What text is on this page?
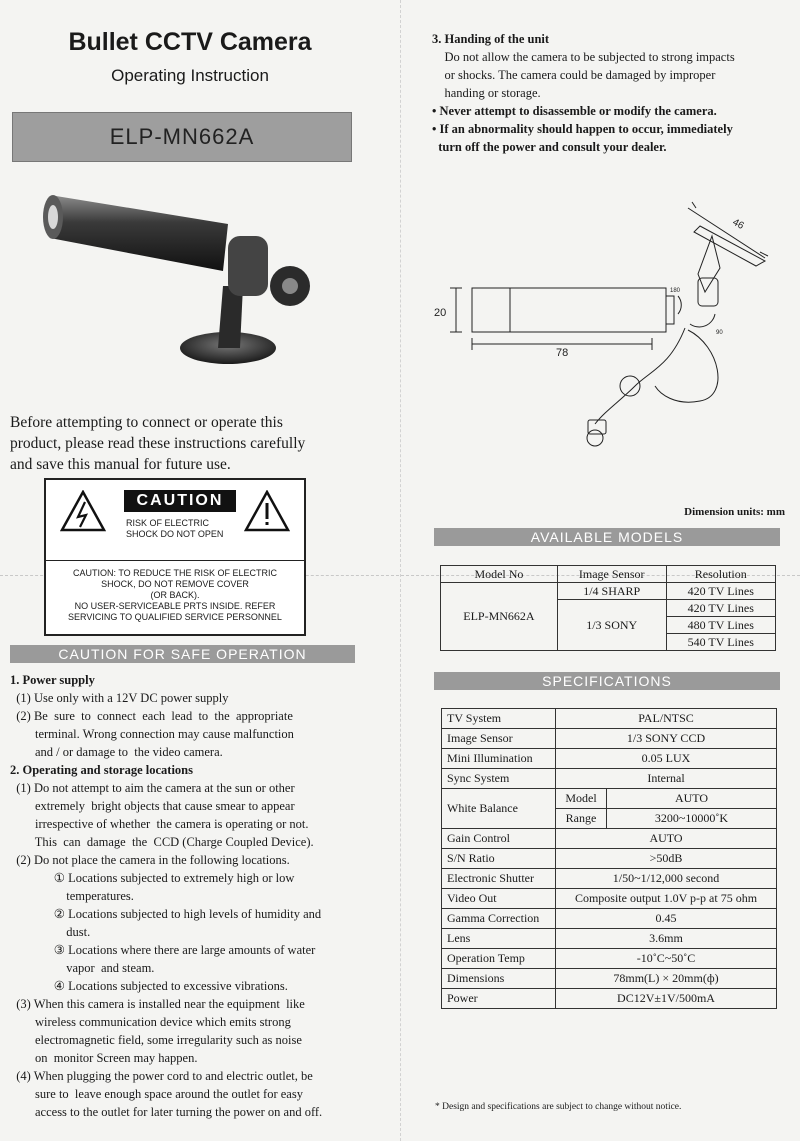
Bullet CCTV Camera
Operating Instruction
ELP-MN662A
Before attempting to connect or operate this
product, please read these instructions carefully
and save this manual for future use.
CAUTION
RISK OF ELECTRIC
SHOCK DO NOT OPEN
CAUTION: TO REDUCE THE RISK OF ELECTRIC
SHOCK, DO NOT REMOVE COVER
(OR BACK).
NO USER-SERVICEABLE PRTS INSIDE. REFER
SERVICING TO QUALIFIED SERVICE PERSONNEL
CAUTION FOR SAFE OPERATION
1. Power supply
(1) Use only with a 12V DC power supply
(2) Be  sure  to  connect  each  lead  to  the  appropriate
terminal. Wrong connection may cause malfunction
and / or damage to  the video camera.
2. Operating and storage locations
(1) Do not attempt to aim the camera at the sun or other
extremely  bright objects that cause smear to appear
irrespective of whether  the camera is operating or not.
This  can  damage  the  CCD (Charge Coupled Device).
(2) Do not place the camera in the following locations.
① Locations subjected to extremely high or low
temperatures.
② Locations subjected to high levels of humidity and
dust.
③ Locations where there are large amounts of water
vapor  and steam.
④ Locations subjected to excessive vibrations.
(3) When this camera is installed near the equipment  like
wireless communication device which emits strong
electromagnetic field, some irregularity such as noise
on  monitor Screen may happen.
(4) When plugging the power cord to and electric outlet, be
sure to  leave enough space around the outlet for easy
access to the outlet for later turning the power on and off.
3. Handing of the unit
Do not allow the camera to be subjected to strong impacts
or shocks. The camera could be damaged by improper
handing or storage.
• Never attempt to disassemble or modify the camera.
• If an abnormality should happen to occur, immediately
turn off the power and consult your dealer.
46
20
78
180
90
Dimension units: mm
AVAILABLE MODELS
Model No	Image Sensor	Resolution
ELP-MN662A	1/4 SHARP	420 TV Lines
	1/3 SONY	420 TV Lines
		480 TV Lines
		540 TV Lines
SPECIFICATIONS
TV System	PAL/NTSC	
Image Sensor	1/3 SONY CCD	
Mini Illumination	0.05 LUX	
Sync System	Internal	
White Balance	Model	AUTO
	Range	3200~10000˚K
Gain Control	AUTO	
S/N Ratio	>50dB	
Electronic Shutter	1/50~1/12,000 second	
Video Out	Composite output 1.0V p-p at 75 ohm	
Gamma Correction	0.45	
Lens	3.6mm	
Operation Temp	-10˚C~50˚C	
Dimensions	78mm(L) × 20mm(ф)	
Power	DC12V±1V/500mA	
* Design and specifications are subject to change without notice.
